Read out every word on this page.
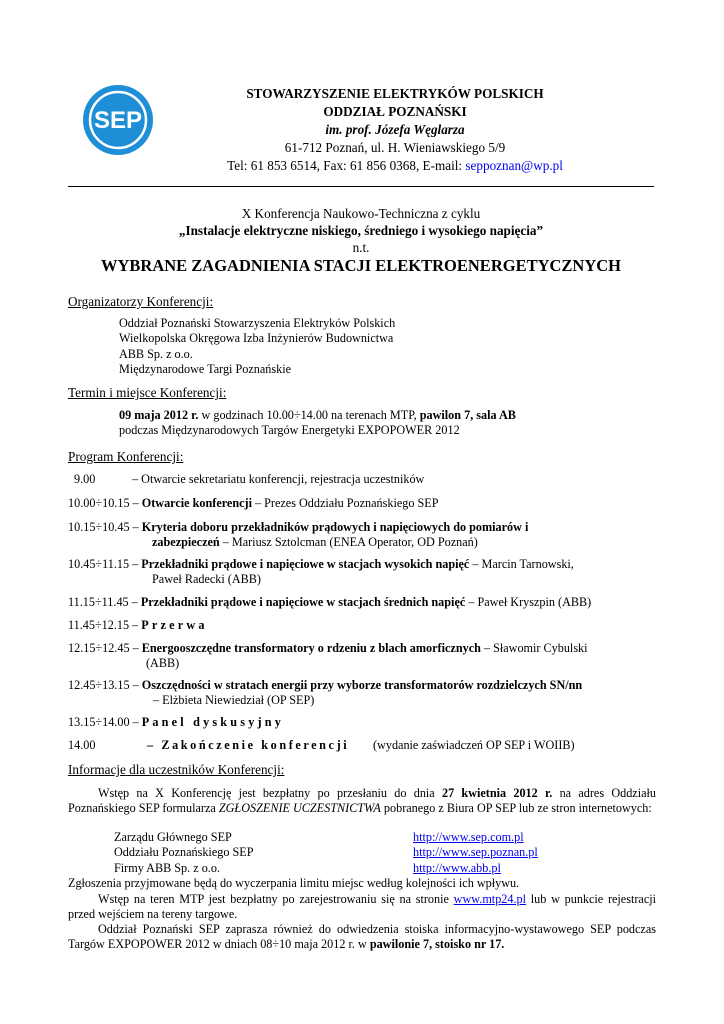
SEP
STOWARZYSZENIE ELEKTRYKÓW POLSKICH
ODDZIAŁ POZNAŃSKI
im. prof. Józefa Węglarza
61-712 Poznań, ul. H. Wieniawskiego 5/9
Tel: 61 853 6514, Fax: 61 856 0368, E-mail: seppoznan@wp.pl
X Konferencja Naukowo-Techniczna z cyklu
„Instalacje elektryczne niskiego, średniego i wysokiego napięcia”
n.t.
WYBRANE ZAGADNIENIA STACJI ELEKTROENERGETYCZNYCH
Organizatorzy Konferencji:
Oddział Poznański Stowarzyszenia Elektryków Polskich
Wielkopolska Okręgowa Izba Inżynierów Budownictwa
ABB Sp. z o.o.
Międzynarodowe Targi Poznańskie
Termin i miejsce Konferencji:
09 maja 2012 r. w godzinach 10.00÷14.00 na terenach MTP, pawilon 7, sala AB
podczas Międzynarodowych Targów Energetyki EXPOPOWER 2012
Program Konferencji:
9.00	– Otwarcie sekretariatu konferencji, rejestracja uczestników
10.00÷10.15 – Otwarcie konferencji – Prezes Oddziału Poznańskiego SEP
10.15÷10.45 – Kryteria doboru przekładników prądowych i napięciowych do pomiarów i
zabezpieczeń – Mariusz Sztolcman (ENEA Operator, OD Poznań)
10.45÷11.15 – Przekładniki prądowe i napięciowe w stacjach wysokich napięć – Marcin Tarnowski,
Paweł Radecki (ABB)
11.15÷11.45 – Przekładniki prądowe i napięciowe w stacjach średnich napięć – Paweł Kryszpin (ABB)
11.45÷12.15 – Przerwa
12.15÷12.45 – Energooszczędne transformatory o rdzeniu z blach amorficznych – Sławomir Cybulski
(ABB)
12.45÷13.15 – Oszczędności w stratach energii przy wyborze transformatorów rozdzielczych SN/nn
– Elżbieta Niewiedział (OP SEP)
13.15÷14.00 – Panel dyskusyjny
14.00	– Zakończenie konferencji (wydanie zaświadczeń OP SEP i WOIIB)
Informacje dla uczestników Konferencji:
Wstęp na X Konferencję jest bezpłatny po przesłaniu do dnia 27 kwietnia 2012 r. na adres Oddziału Poznańskiego SEP formularza ZGŁOSZENIE UCZESTNICTWA pobranego z Biura OP SEP lub ze stron internetowych:
Zarządu Głównego SEP
Oddziału Poznańskiego SEP
Firmy ABB Sp. z o.o.
http://www.sep.com.pl
http://www.sep.poznan.pl
http://www.abb.pl
Zgłoszenia przyjmowane będą do wyczerpania limitu miejsc według kolejności ich wpływu.
Wstęp na teren MTP jest bezpłatny po zarejestrowaniu się na stronie www.mtp24.pl lub w punkcie rejestracji przed wejściem na tereny targowe.
Oddział Poznański SEP zaprasza również do odwiedzenia stoiska informacyjno-wystawowego SEP podczas Targów EXPOPOWER 2012 w dniach 08÷10 maja 2012 r. w pawilonie 7, stoisko nr 17.
